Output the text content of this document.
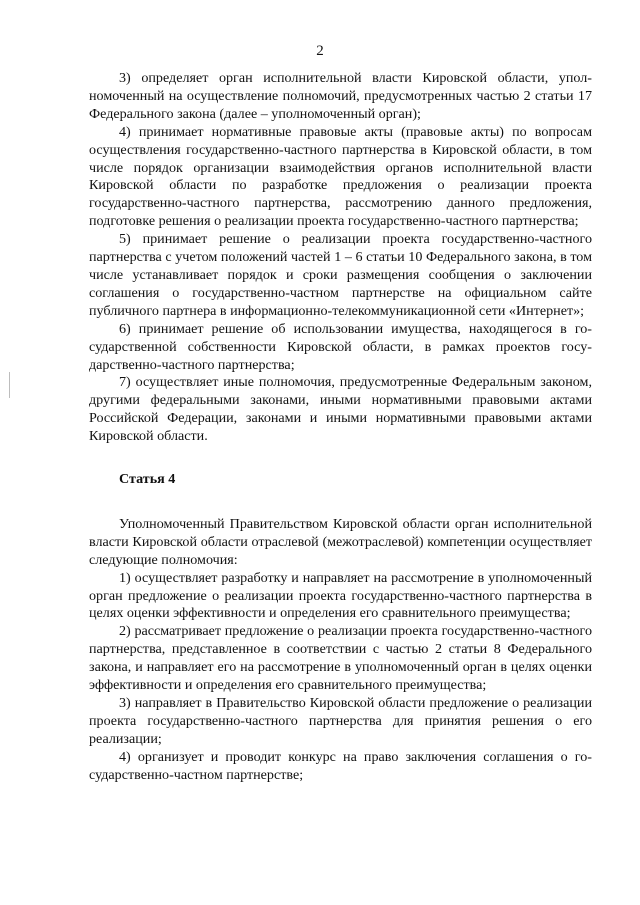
2

3) определяет орган исполнительной власти Кировской области, уполномоченный на осуществление полномочий, предусмотренных частью 2 статьи 17 Федерального закона (далее – уполномоченный орган);

4) принимает нормативные правовые акты (правовые акты) по вопросам осуществления государственно-частного партнерства в Кировской области, в том числе порядок организации взаимодействия органов исполнительной власти Кировской области по разработке предложения о реализации проекта государственно-частного партнерства, рассмотрению данного предложения, подготовке решения о реализации проекта государственно-частного партнерства;

5) принимает решение о реализации проекта государственно-частного партнерства с учетом положений частей 1 – 6 статьи 10 Федерального закона, в том числе устанавливает порядок и сроки размещения сообщения о заключении соглашения о государственно-частном партнерстве на официальном сайте публичного партнера в информационно-телекоммуникационной сети «Интернет»;

6) принимает решение об использовании имущества, находящегося в государственной собственности Кировской области, в рамках проектов государственно-частного партнерства;

7) осуществляет иные полномочия, предусмотренные Федеральным законом, другими федеральными законами, иными нормативными правовыми актами Российской Федерации, законами и иными нормативными правовыми актами Кировской области.

Статья 4

Уполномоченный Правительством Кировской области орган исполнительной власти Кировской области отраслевой (межотраслевой) компетенции осуществляет следующие полномочия:

1) осуществляет разработку и направляет на рассмотрение в уполномоченный орган предложение о реализации проекта государственно-частного партнерства в целях оценки эффективности и определения его сравнительного преимущества;

2) рассматривает предложение о реализации проекта государственно-частного партнерства, представленное в соответствии с частью 2 статьи 8 Федерального закона, и направляет его на рассмотрение в уполномоченный орган в целях оценки эффективности и определения его сравнительного преимущества;

3) направляет в Правительство Кировской области предложение о реализации проекта государственно-частного партнерства для принятия решения о его реализации;

4) организует и проводит конкурс на право заключения соглашения о государственно-частном партнерстве;
